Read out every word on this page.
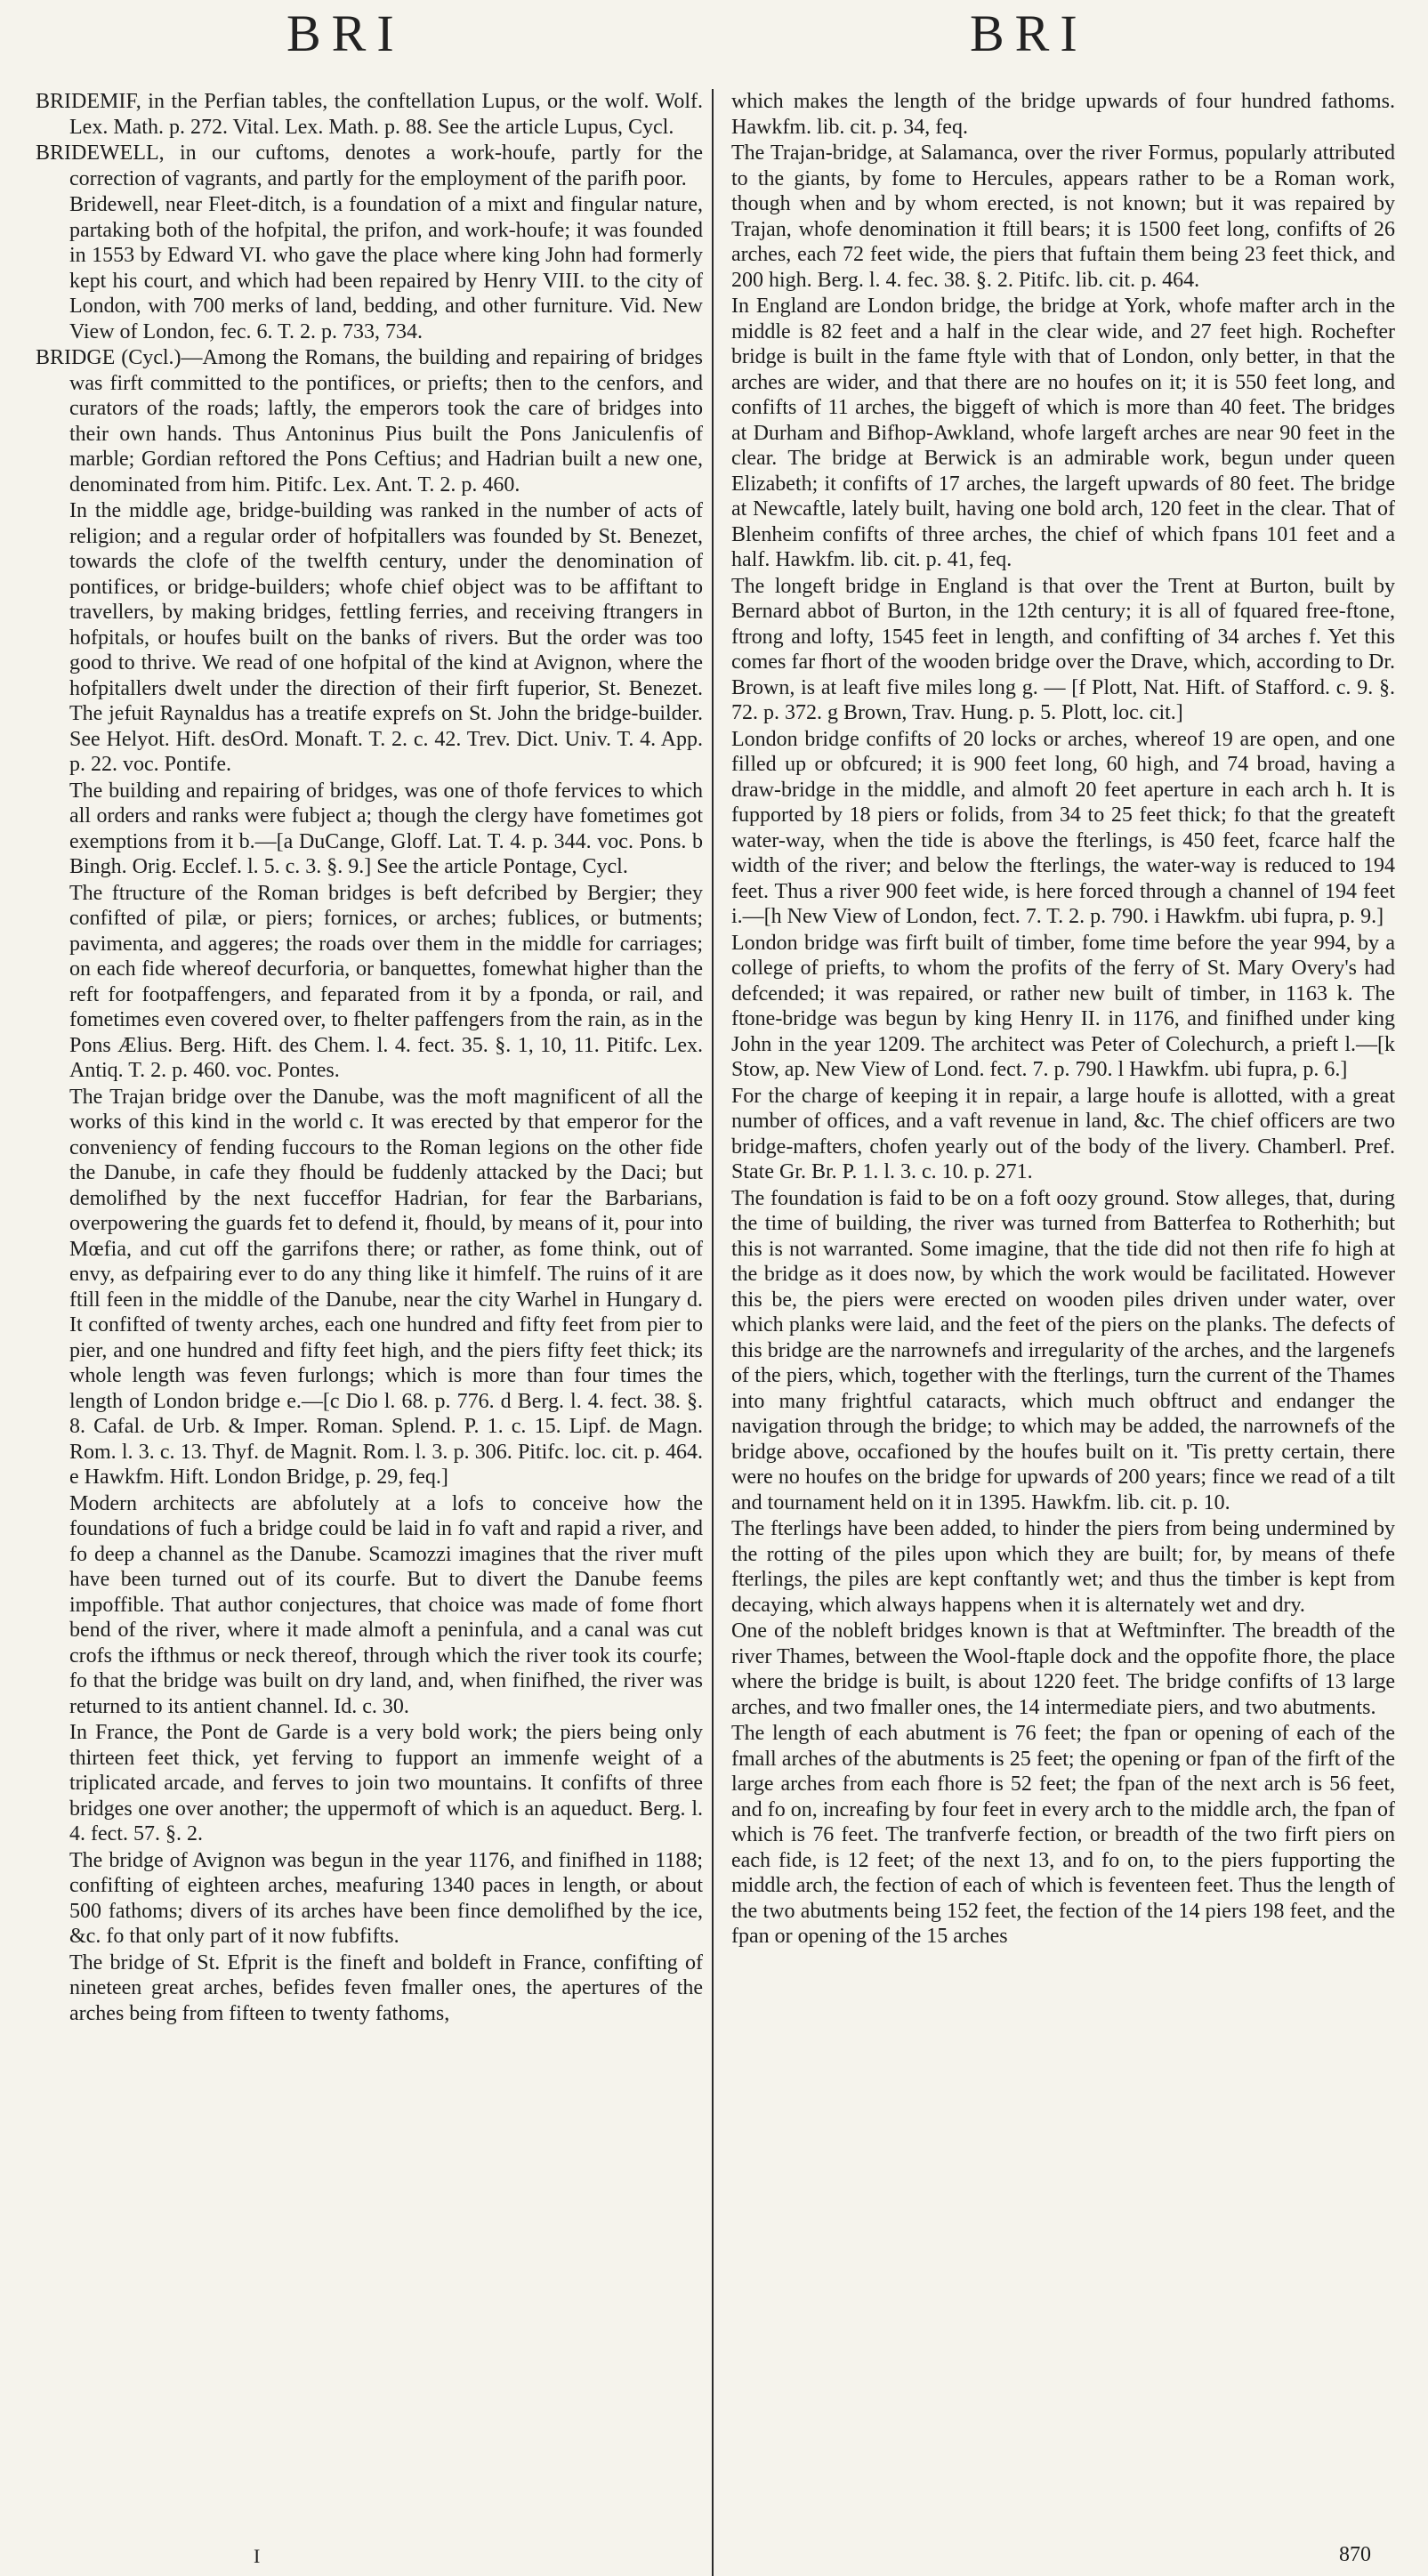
BRI	BRI

BRIDEMIF, in the Perfian tables, the conftellation Lupus, or the wolf. Wolf. Lex. Math. p. 272. Vital. Lex. Math. p. 88. See the article Lupus, Cycl.

BRIDEWELL, in our cuftoms, denotes a work-houfe, partly for the correction of vagrants, and partly for the employment of the parifh poor.

Bridewell, near Fleet-ditch, is a foundation of a mixt and fingular nature, partaking both of the hofpital, the prifon, and work-houfe; it was founded in 1553 by Edward VI. who gave the place where king John had formerly kept his court, and which had been repaired by Henry VIII. to the city of London, with 700 merks of land, bedding, and other furniture. Vid. New View of London, fec. 6. T. 2. p. 733, 734.

BRIDGE (Cycl.)—Among the Romans, the building and repairing of bridges was firft committed to the pontifices, or priefts; then to the cenfors, and curators of the roads; laftly, the emperors took the care of bridges into their own hands. Thus Antoninus Pius built the Pons Janiculenfis of marble; Gordian reftored the Pons Ceftius; and Hadrian built a new one, denominated from him. Pitifc. Lex. Ant. T. 2. p. 460.

In the middle age, bridge-building was ranked in the number of acts of religion; and a regular order of hofpitallers was founded by St. Benezet, towards the clofe of the twelfth century, under the denomination of pontifices, or bridge-builders; whofe chief object was to be affiftant to travellers, by making bridges, fettling ferries, and receiving ftrangers in hofpitals, or houfes built on the banks of rivers. But the order was too good to thrive. We read of one hofpital of the kind at Avignon, where the hofpitallers dwelt under the direction of their firft fuperior, St. Benezet. The jefuit Raynaldus has a treatife exprefs on St. John the bridge-builder. See Helyot. Hift. desOrd. Monaft. T. 2. c. 42. Trev. Dict. Univ. T. 4. App. p. 22. voc. Pontife.

The building and repairing of bridges, was one of thofe fervices to which all orders and ranks were fubject a; though the clergy have fometimes got exemptions from it b.—[a DuCange, Gloff. Lat. T. 4. p. 344. voc. Pons. b Bingh. Orig. Ecclef. l. 5. c. 3. §. 9.] See the article Pontage, Cycl.

The ftructure of the Roman bridges is beft defcribed by Bergier; they confifted of pilæ, or piers; fornices, or arches; fublices, or butments; pavimenta, and aggeres; the roads over them in the middle for carriages; on each fide whereof decurforia, or banquettes, fomewhat higher than the reft for footpaffengers, and feparated from it by a fponda, or rail, and fometimes even covered over, to fhelter paffengers from the rain, as in the Pons Ælius. Berg. Hift. des Chem. l. 4. fect. 35. §. 1, 10, 11. Pitifc. Lex. Antiq. T. 2. p. 460. voc. Pontes.

The Trajan bridge over the Danube, was the moft magnificent of all the works of this kind in the world c. It was erected by that emperor for the conveniency of fending fuccours to the Roman legions on the other fide the Danube, in cafe they fhould be fuddenly attacked by the Daci; but demolifhed by the next fucceffor Hadrian, for fear the Barbarians, overpowering the guards fet to defend it, fhould, by means of it, pour into Mœfia, and cut off the garrifons there; or rather, as fome think, out of envy, as defpairing ever to do any thing like it himfelf. The ruins of it are ftill feen in the middle of the Danube, near the city Warhel in Hungary d. It confifted of twenty arches, each one hundred and fifty feet from pier to pier, and one hundred and fifty feet high, and the piers fifty feet thick; its whole length was feven furlongs; which is more than four times the length of London bridge e.—[c Dio l. 68. p. 776. d Berg. l. 4. fect. 38. §. 8. Cafal. de Urb. & Imper. Roman. Splend. P. 1. c. 15. Lipf. de Magn. Rom. l. 3. c. 13. Thyf. de Magnit. Rom. l. 3. p. 306. Pitifc. loc. cit. p. 464. e Hawkfm. Hift. London Bridge, p. 29, feq.]

Modern architects are abfolutely at a lofs to conceive how the foundations of fuch a bridge could be laid in fo vaft and rapid a river, and fo deep a channel as the Danube. Scamozzi imagines that the river muft have been turned out of its courfe. But to divert the Danube feems impoffible. That author conjectures, that choice was made of fome fhort bend of the river, where it made almoft a peninfula, and a canal was cut crofs the ifthmus or neck thereof, through which the river took its courfe; fo that the bridge was built on dry land, and, when finifhed, the river was returned to its antient channel. Id. c. 30.

In France, the Pont de Garde is a very bold work; the piers being only thirteen feet thick, yet ferving to fupport an immenfe weight of a triplicated arcade, and ferves to join two mountains. It confifts of three bridges one over another; the uppermoft of which is an aqueduct. Berg. l. 4. fect. 57. §. 2.

The bridge of Avignon was begun in the year 1176, and finifhed in 1188; confifting of eighteen arches, meafuring 1340 paces in length, or about 500 fathoms; divers of its arches have been fince demolifhed by the ice, &c. fo that only part of it now fubfifts.

The bridge of St. Efprit is the fineft and boldeft in France, confifting of nineteen great arches, befides feven fmaller ones, the apertures of the arches being from fifteen to twenty fathoms,

which makes the length of the bridge upwards of four hundred fathoms. Hawkfm. lib. cit. p. 34, feq.

The Trajan-bridge, at Salamanca, over the river Formus, popularly attributed to the giants, by fome to Hercules, appears rather to be a Roman work, though when and by whom erected, is not known; but it was repaired by Trajan, whofe denomination it ftill bears; it is 1500 feet long, confifts of 26 arches, each 72 feet wide, the piers that fuftain them being 23 feet thick, and 200 high. Berg. l. 4. fec. 38. §. 2. Pitifc. lib. cit. p. 464.

In England are London bridge, the bridge at York, whofe mafter arch in the middle is 82 feet and a half in the clear wide, and 27 feet high. Rochefter bridge is built in the fame ftyle with that of London, only better, in that the arches are wider, and that there are no houfes on it; it is 550 feet long, and confifts of 11 arches, the biggeft of which is more than 40 feet. The bridges at Durham and Bifhop-Awkland, whofe largeft arches are near 90 feet in the clear. The bridge at Berwick is an admirable work, begun under queen Elizabeth; it confifts of 17 arches, the largeft upwards of 80 feet. The bridge at Newcaftle, lately built, having one bold arch, 120 feet in the clear. That of Blenheim confifts of three arches, the chief of which fpans 101 feet and a half. Hawkfm. lib. cit. p. 41, feq.

The longeft bridge in England is that over the Trent at Burton, built by Bernard abbot of Burton, in the 12th century; it is all of fquared free-ftone, ftrong and lofty, 1545 feet in length, and confifting of 34 arches f. Yet this comes far fhort of the wooden bridge over the Drave, which, according to Dr. Brown, is at leaft five miles long g. — [f Plott, Nat. Hift. of Stafford. c. 9. §. 72. p. 372. g Brown, Trav. Hung. p. 5. Plott, loc. cit.]

London bridge confifts of 20 locks or arches, whereof 19 are open, and one filled up or obfcured; it is 900 feet long, 60 high, and 74 broad, having a draw-bridge in the middle, and almoft 20 feet aperture in each arch h. It is fupported by 18 piers or folids, from 34 to 25 feet thick; fo that the greateft water-way, when the tide is above the fterlings, is 450 feet, fcarce half the width of the river; and below the fterlings, the water-way is reduced to 194 feet. Thus a river 900 feet wide, is here forced through a channel of 194 feet i.—[h New View of London, fect. 7. T. 2. p. 790. i Hawkfm. ubi fupra, p. 9.]

London bridge was firft built of timber, fome time before the year 994, by a college of priefts, to whom the profits of the ferry of St. Mary Overy's had defcended; it was repaired, or rather new built of timber, in 1163 k. The ftone-bridge was begun by king Henry II. in 1176, and finifhed under king John in the year 1209. The architect was Peter of Colechurch, a prieft l.—[k Stow, ap. New View of Lond. fect. 7. p. 790. l Hawkfm. ubi fupra, p. 6.]

For the charge of keeping it in repair, a large houfe is allotted, with a great number of offices, and a vaft revenue in land, &c. The chief officers are two bridge-mafters, chofen yearly out of the body of the livery. Chamberl. Pref. State Gr. Br. P. 1. l. 3. c. 10. p. 271.

The foundation is faid to be on a foft oozy ground. Stow alleges, that, during the time of building, the river was turned from Batterfea to Rotherhith; but this is not warranted. Some imagine, that the tide did not then rife fo high at the bridge as it does now, by which the work would be facilitated. However this be, the piers were erected on wooden piles driven under water, over which planks were laid, and the feet of the piers on the planks. The defects of this bridge are the narrownefs and irregularity of the arches, and the largenefs of the piers, which, together with the fterlings, turn the current of the Thames into many frightful cataracts, which much obftruct and endanger the navigation through the bridge; to which may be added, the narrownefs of the bridge above, occafioned by the houfes built on it. 'Tis pretty certain, there were no houfes on the bridge for upwards of 200 years; fince we read of a tilt and tournament held on it in 1395. Hawkfm. lib. cit. p. 10.

The fterlings have been added, to hinder the piers from being undermined by the rotting of the piles upon which they are built; for, by means of thefe fterlings, the piles are kept conftantly wet; and thus the timber is kept from decaying, which always happens when it is alternately wet and dry.

One of the nobleft bridges known is that at Weftminfter. The breadth of the river Thames, between the Wool-ftaple dock and the oppofite fhore, the place where the bridge is built, is about 1220 feet. The bridge confifts of 13 large arches, and two fmaller ones, the 14 intermediate piers, and two abutments.

The length of each abutment is 76 feet; the fpan or opening of each of the fmall arches of the abutments is 25 feet; the opening or fpan of the firft of the large arches from each fhore is 52 feet; the fpan of the next arch is 56 feet, and fo on, increafing by four feet in every arch to the middle arch, the fpan of which is 76 feet. The tranfverfe fection, or breadth of the two firft piers on each fide, is 12 feet; of the next 13, and fo on, to the piers fupporting the middle arch, the fection of each of which is feventeen feet. Thus the length of the two abutments being 152 feet, the fection of the 14 piers 198 feet, and the fpan or opening of the 15 arches

I	870
